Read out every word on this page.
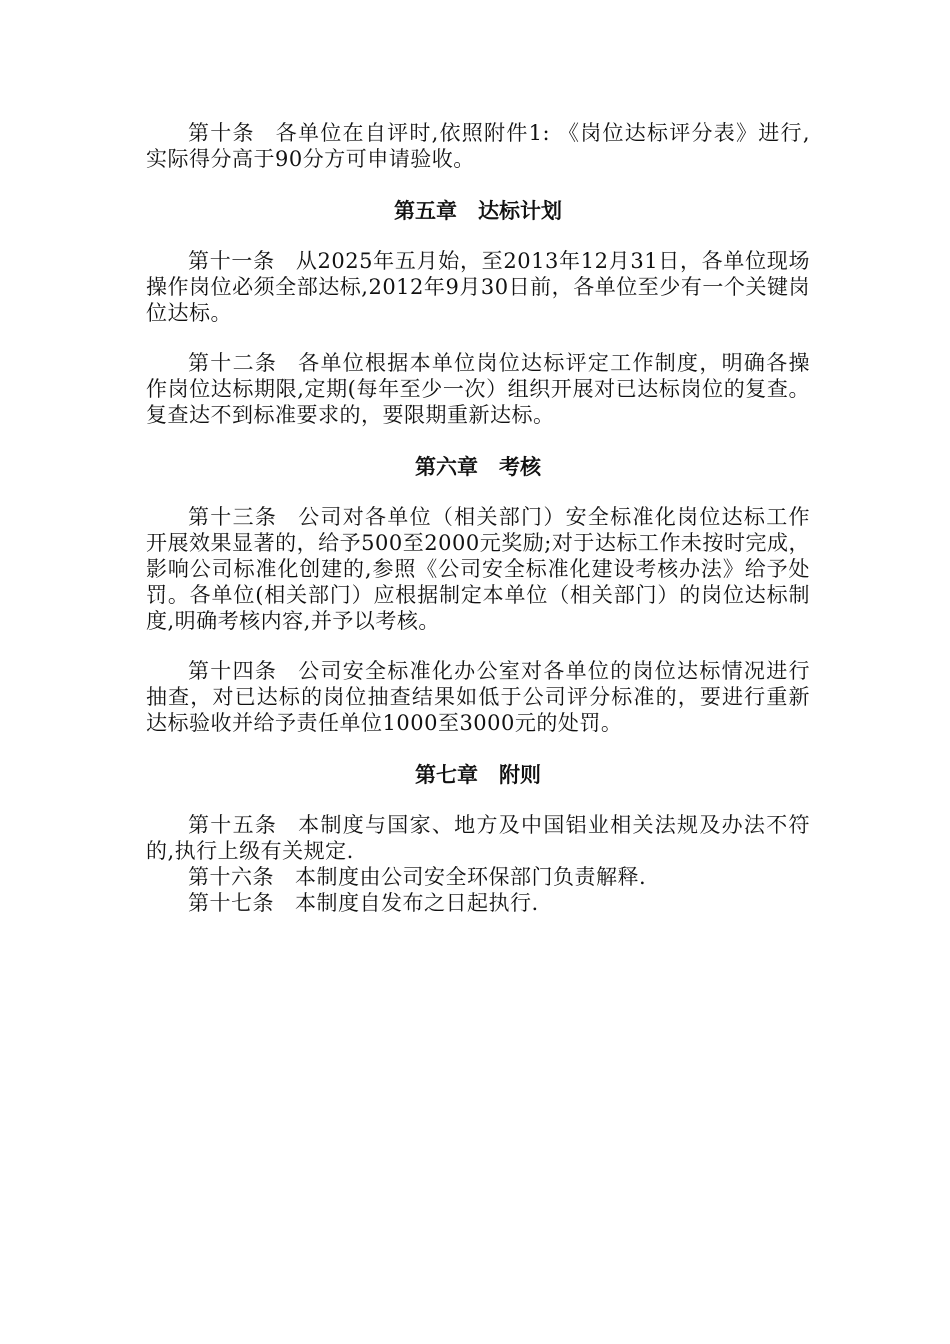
第十条 各单位在自评时,依照附件1: 《岗位达标评分表》进行,实际得分高于90分方可申请验收。

第五章　达标计划

第十一条 从2025年五月始，至2013年12月31日，各单位现场操作岗位必须全部达标,2012年9月30日前，各单位至少有一个关键岗位达标。

第十二条 各单位根据本单位岗位达标评定工作制度，明确各操作岗位达标期限,定期(每年至少一次）组织开展对已达标岗位的复查。复查达不到标准要求的，要限期重新达标。

第六章　考核

第十三条 公司对各单位（相关部门）安全标准化岗位达标工作开展效果显著的，给予500至2000元奖励;对于达标工作未按时完成，影响公司标准化创建的,参照《公司安全标准化建设考核办法》给予处罚。各单位(相关部门）应根据制定本单位（相关部门）的岗位达标制度,明确考核内容,并予以考核。

第十四条 公司安全标准化办公室对各单位的岗位达标情况进行抽查，对已达标的岗位抽查结果如低于公司评分标准的，要进行重新达标验收并给予责任单位1000至3000元的处罚。

第七章　附则

第十五条 本制度与国家、地方及中国铝业相关法规及办法不符的,执行上级有关规定.

第十六条 本制度由公司安全环保部门负责解释.

第十七条 本制度自发布之日起执行.
